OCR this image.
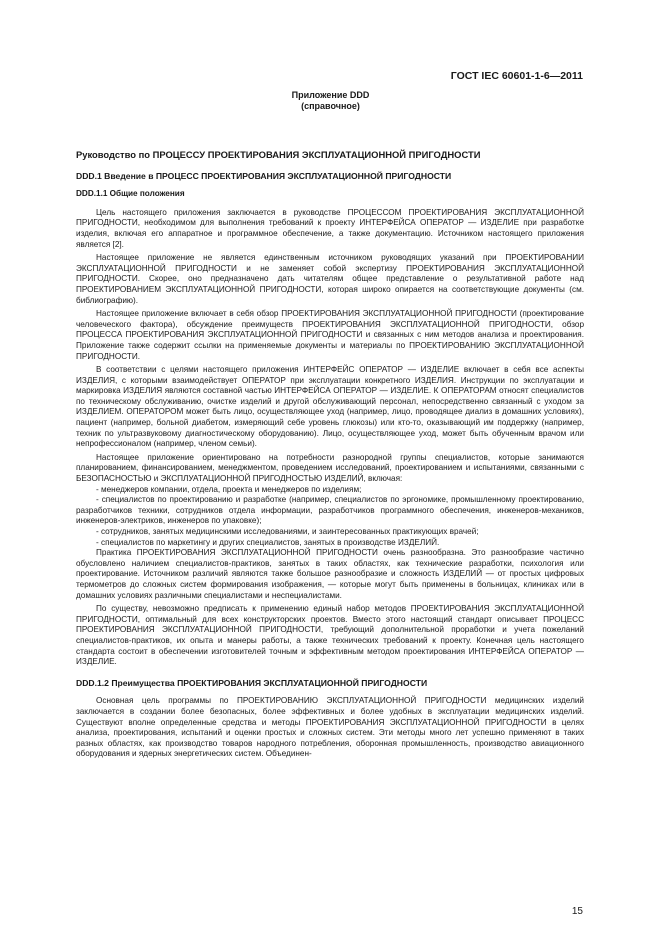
ГОСТ IEC 60601-1-6—2011
Приложение DDD
(справочное)
Руководство по ПРОЦЕССУ ПРОЕКТИРОВАНИЯ ЭКСПЛУАТАЦИОННОЙ ПРИГОДНОСТИ
DDD.1 Введение в ПРОЦЕСС ПРОЕКТИРОВАНИЯ ЭКСПЛУАТАЦИОННОЙ ПРИГОДНОСТИ
DDD.1.1 Общие положения

Цель настоящего приложения заключается в руководстве ПРОЦЕССОМ ПРОЕКТИРОВАНИЯ ЭКСПЛУАТАЦИОННОЙ ПРИГОДНОСТИ, необходимом для выполнения требований к проекту ИНТЕРФЕЙСА ОПЕРАТОР — ИЗДЕЛИЕ при разработке изделия, включая его аппаратное и программное обеспечение, а также документацию. Источником настоящего приложения является [2].

Настоящее приложение не является единственным источником руководящих указаний при ПРОЕКТИРОВАНИИ ЭКСПЛУАТАЦИОННОЙ ПРИГОДНОСТИ и не заменяет собой экспертизу ПРОЕКТИРОВАНИЯ ЭКСПЛУАТАЦИОННОЙ ПРИГОДНОСТИ. Скорее, оно предназначено дать читателям общее представление о результативной работе над ПРОЕКТИРОВАНИЕМ ЭКСПЛУАТАЦИОННОЙ ПРИГОДНОСТИ, которая широко опирается на соответствующие документы (см. библиографию).

Настоящее приложение включает в себя обзор ПРОЕКТИРОВАНИЯ ЭКСПЛУАТАЦИОННОЙ ПРИГОДНОСТИ (проектирование человеческого фактора), обсуждение преимуществ ПРОЕКТИРОВАНИЯ ЭКСПЛУАТАЦИОННОЙ ПРИГОДНОСТИ, обзор ПРОЦЕССА ПРОЕКТИРОВАНИЯ ЭКСПЛУАТАЦИОННОЙ ПРИГОДНОСТИ и связанных с ним методов анализа и проектирования. Приложение также содержит ссылки на применяемые документы и материалы по ПРОЕКТИРОВАНИЮ ЭКСПЛУАТАЦИОННОЙ ПРИГОДНОСТИ.

В соответствии с целями настоящего приложения ИНТЕРФЕЙС ОПЕРАТОР — ИЗДЕЛИЕ включает в себя все аспекты ИЗДЕЛИЯ, с которыми взаимодействует ОПЕРАТОР при эксплуатации конкретного ИЗДЕЛИЯ. Инструкции по эксплуатации и маркировка ИЗДЕЛИЯ являются составной частью ИНТЕРФЕЙСА ОПЕРАТОР — ИЗДЕЛИЕ. К ОПЕРАТОРАМ относят специалистов по техническому обслуживанию, очистке изделий и другой обслуживающий персонал, непосредственно связанный с уходом за ИЗДЕЛИЕМ. ОПЕРАТОРОМ может быть лицо, осуществляющее уход (например, лицо, проводящее диализ в домашних условиях), пациент (например, больной диабетом, измеряющий себе уровень глюкозы) или кто-то, оказывающий им поддержку (например, техник по ультразвуковому диагностическому оборудованию). Лицо, осуществляющее уход, может быть обученным врачом или непрофессионалом (например, членом семьи).

Настоящее приложение ориентировано на потребности разнородной группы специалистов, которые занимаются планированием, финансированием, менеджментом, проведением исследований, проектированием и испытаниями, связанными с БЕЗОПАСНОСТЬЮ и ЭКСПЛУАТАЦИОННОЙ ПРИГОДНОСТЬЮ ИЗДЕЛИЙ, включая:

- менеджеров компании, отдела, проекта и менеджеров по изделиям;

- специалистов по проектированию и разработке (например, специалистов по эргономике, промышленному проектированию, разработчиков техники, сотрудников отдела информации, разработчиков программного обеспечения, инженеров-механиков, инженеров-электриков, инженеров по упаковке);

- сотрудников, занятых медицинскими исследованиями, и заинтересованных практикующих врачей;

- специалистов по маркетингу и других специалистов, занятых в производстве ИЗДЕЛИЙ.

Практика ПРОЕКТИРОВАНИЯ ЭКСПЛУАТАЦИОННОЙ ПРИГОДНОСТИ очень разнообразна. Это разнообразие частично обусловлено наличием специалистов-практиков, занятых в таких областях, как технические разработки, психология или проектирование. Источником различий являются также большое разнообразие и сложность ИЗДЕЛИЙ — от простых цифровых термометров до сложных систем формирования изображения, — которые могут быть применены в больницах, клиниках или в домашних условиях различными специалистами и неспециалистами.

По существу, невозможно предписать к применению единый набор методов ПРОЕКТИРОВАНИЯ ЭКСПЛУАТАЦИОННОЙ ПРИГОДНОСТИ, оптимальный для всех конструкторских проектов. Вместо этого настоящий стандарт описывает ПРОЦЕСС ПРОЕКТИРОВАНИЯ ЭКСПЛУАТАЦИОННОЙ ПРИГОДНОСТИ, требующий дополнительной проработки и учета пожеланий специалистов-практиков, их опыта и манеры работы, а также технических требований к проекту. Конечная цель настоящего стандарта состоит в обеспечении изготовителей точным и эффективным методом проектирования ИНТЕРФЕЙСА ОПЕРАТОР — ИЗДЕЛИЕ.

DDD.1.2 Преимущества ПРОЕКТИРОВАНИЯ ЭКСПЛУАТАЦИОННОЙ ПРИГОДНОСТИ

Основная цель программы по ПРОЕКТИРОВАНИЮ ЭКСПЛУАТАЦИОННОЙ ПРИГОДНОСТИ медицинских изделий заключается в создании более безопасных, более эффективных и более удобных в эксплуатации медицинских изделий. Существуют вполне определенные средства и методы ПРОЕКТИРОВАНИЯ ЭКСПЛУАТАЦИОННОЙ ПРИГОДНОСТИ в целях анализа, проектирования, испытаний и оценки простых и сложных систем. Эти методы много лет успешно применяют в таких разных областях, как производство товаров народного потребления, оборонная промышленность, производство авиационного оборудования и ядерных энергетических систем. Объединен-

15
